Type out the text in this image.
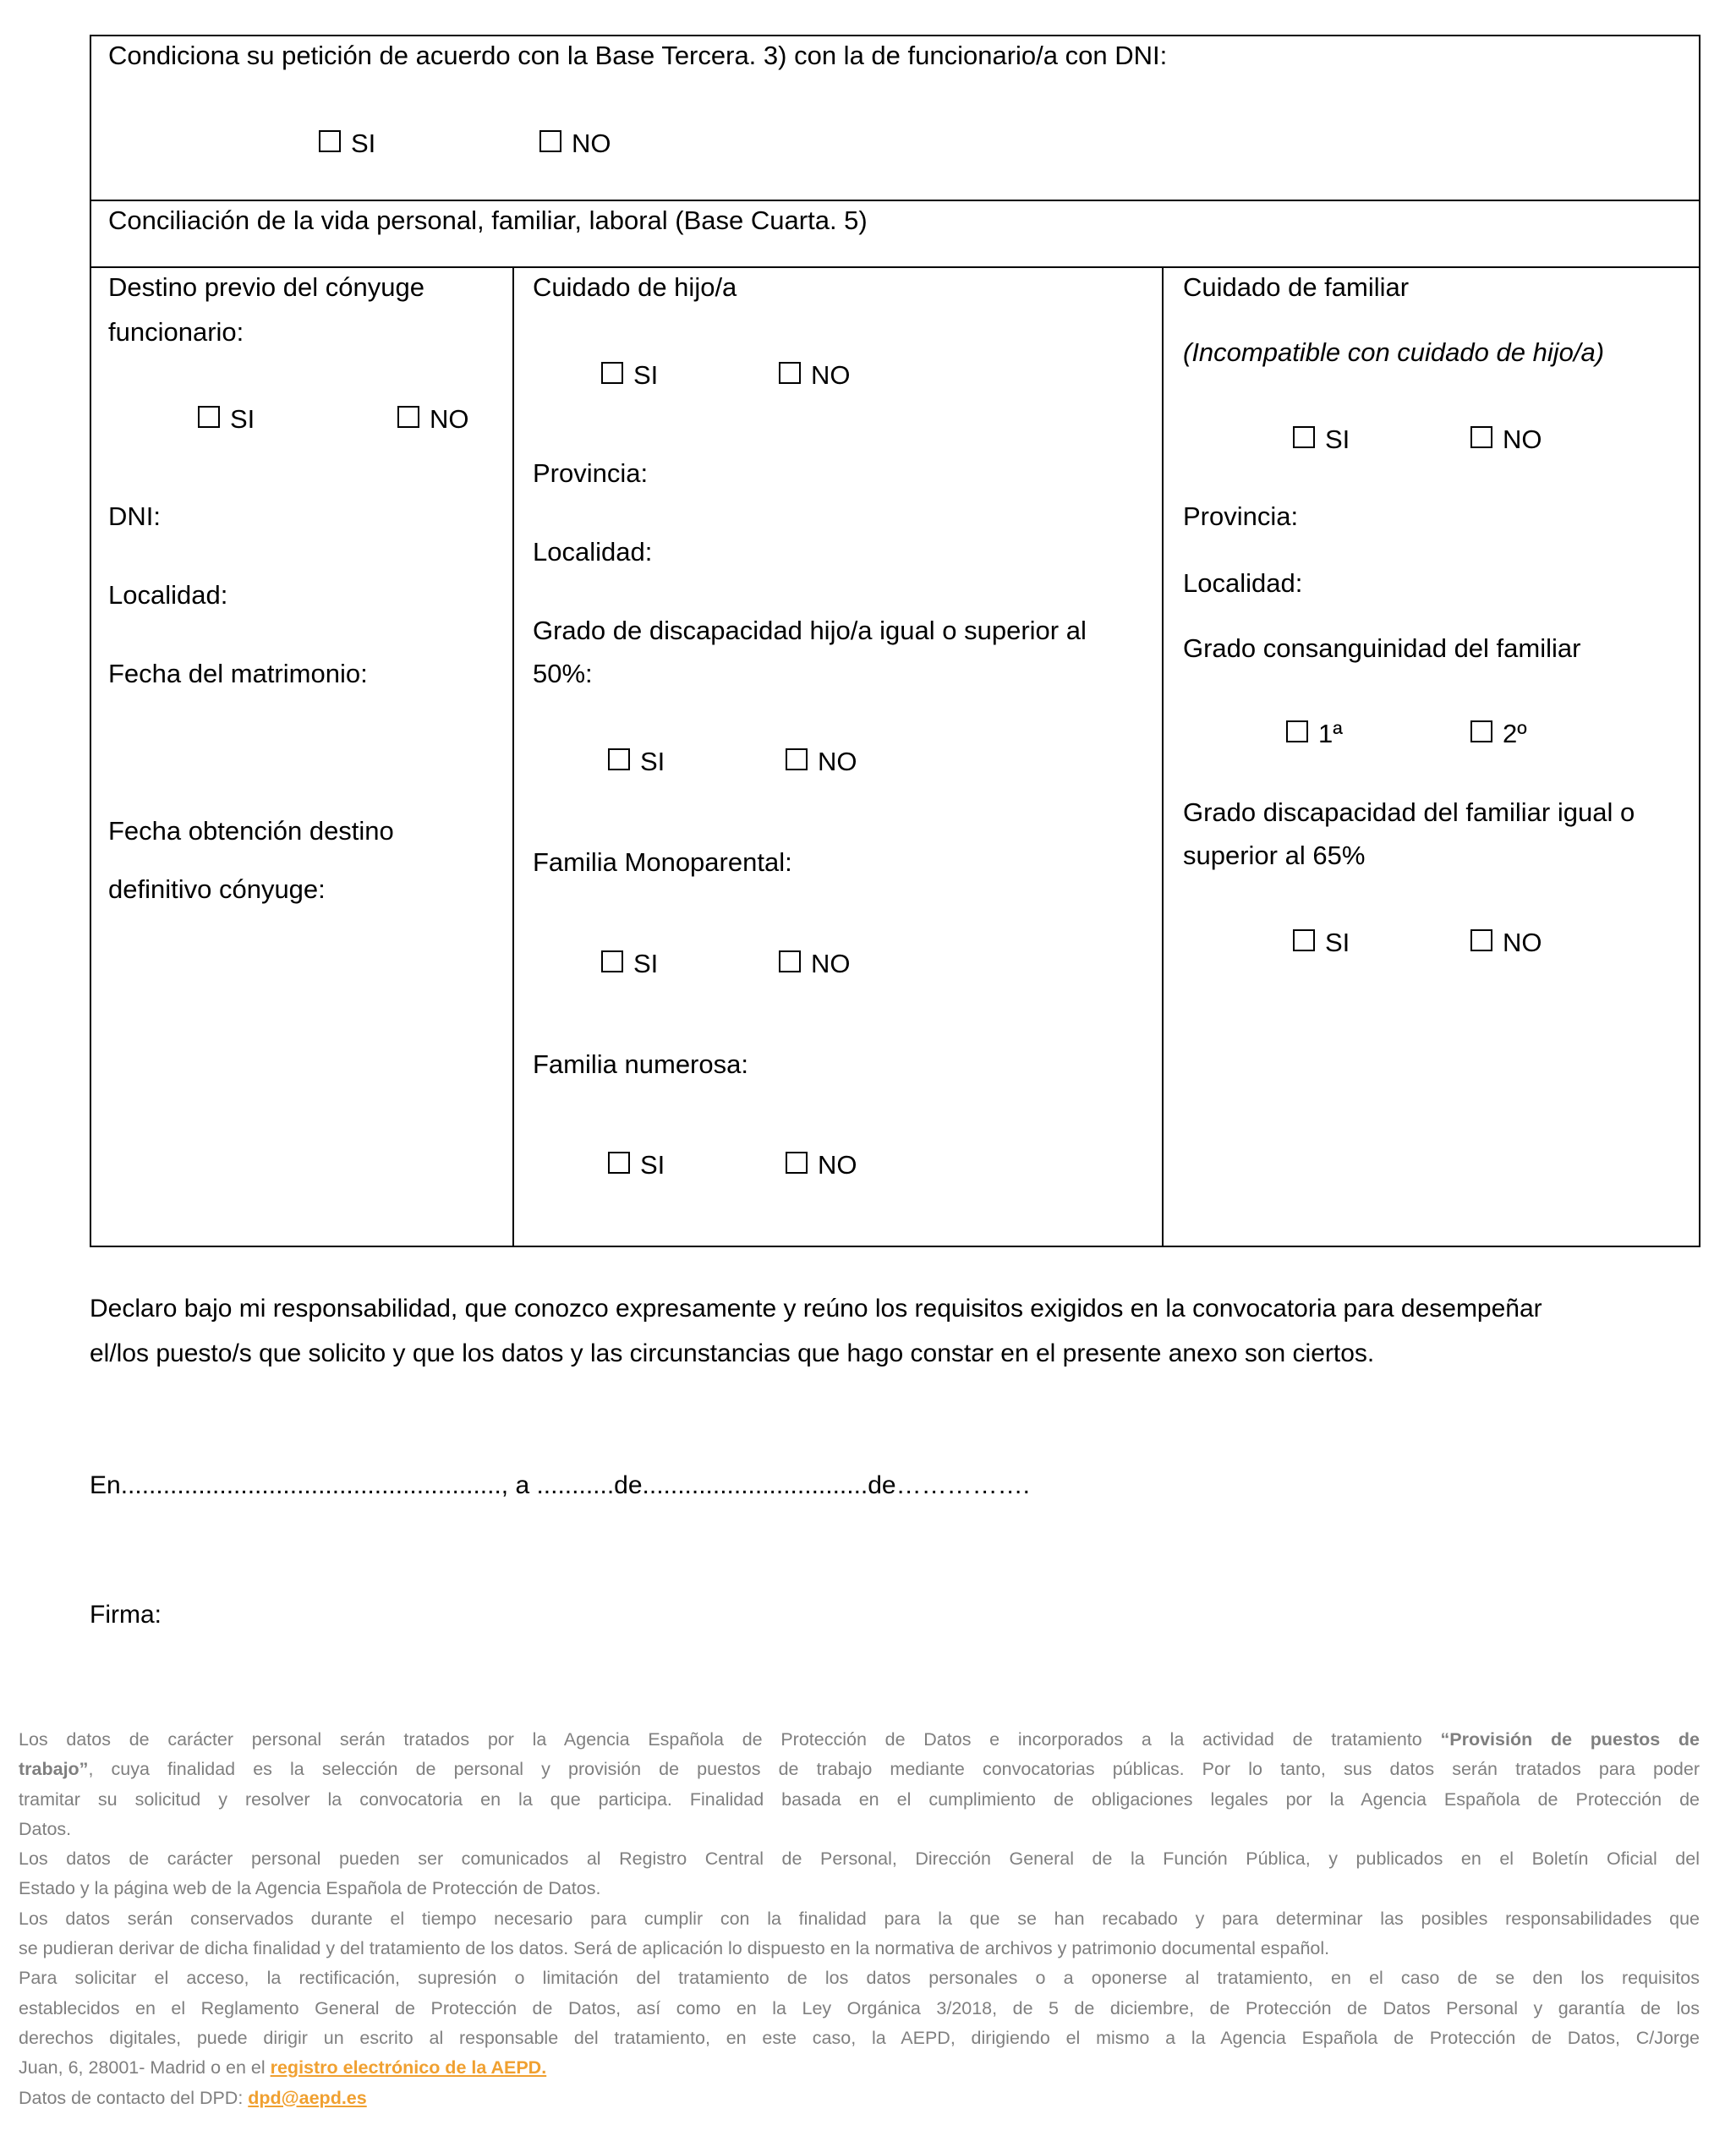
Condiciona su petición de acuerdo con la Base Tercera. 3) con la de funcionario/a con DNI:
SI	NO
Conciliación de la vida personal, familiar, laboral (Base Cuarta. 5)
Destino previo del cónyuge
funcionario:
SI	NO
DNI:
Localidad:
Fecha del matrimonio:
Fecha obtención destino
definitivo cónyuge:
Cuidado de hijo/a
SI	NO
Provincia:
Localidad:
Grado de discapacidad hijo/a igual o superior al
50%:
SI	NO
Familia Monoparental:
SI	NO
Familia numerosa:
SI	NO
Cuidado de familiar
(Incompatible con cuidado de hijo/a)
SI	NO
Provincia:
Localidad:
Grado consanguinidad del familiar
1ª	2º
Grado discapacidad del familiar igual o
superior al 65%
SI	NO
Declaro bajo mi responsabilidad, que conozco expresamente y reúno los requisitos exigidos en la convocatoria para desempeñar
el/los puesto/s que solicito y que los datos y las circunstancias que hago constar en el presente anexo son ciertos.
En......................................................, a ...........de................................de…………….
Firma:
Los datos de carácter personal serán tratados por la Agencia Española de Protección de Datos e incorporados a la actividad de tratamiento “Provisión de puestos de
trabajo”, cuya finalidad es la selección de personal y provisión de puestos de trabajo mediante convocatorias públicas. Por lo tanto, sus datos serán tratados para poder
tramitar su solicitud y resolver la convocatoria en la que participa. Finalidad basada en el cumplimiento de obligaciones legales por la Agencia Española de Protección de
Datos.
Los datos de carácter personal pueden ser comunicados al Registro Central de Personal, Dirección General de la Función Pública, y publicados en el Boletín Oficial del
Estado y la página web de la Agencia Española de Protección de Datos.
Los datos serán conservados durante el tiempo necesario para cumplir con la finalidad para la que se han recabado y para determinar las posibles responsabilidades que
se pudieran derivar de dicha finalidad y del tratamiento de los datos. Será de aplicación lo dispuesto en la normativa de archivos y patrimonio documental español.
Para solicitar el acceso, la rectificación, supresión o limitación del tratamiento de los datos personales o a oponerse al tratamiento, en el caso de se den los requisitos
establecidos en el Reglamento General de Protección de Datos, así como en la Ley Orgánica 3/2018, de 5 de diciembre, de Protección de Datos Personal y garantía de los
derechos digitales, puede dirigir un escrito al responsable del tratamiento, en este caso, la AEPD, dirigiendo el mismo a la Agencia Española de Protección de Datos, C/Jorge
Juan, 6, 28001- Madrid o en el registro electrónico de la AEPD.
Datos de contacto del DPD: dpd@aepd.es
